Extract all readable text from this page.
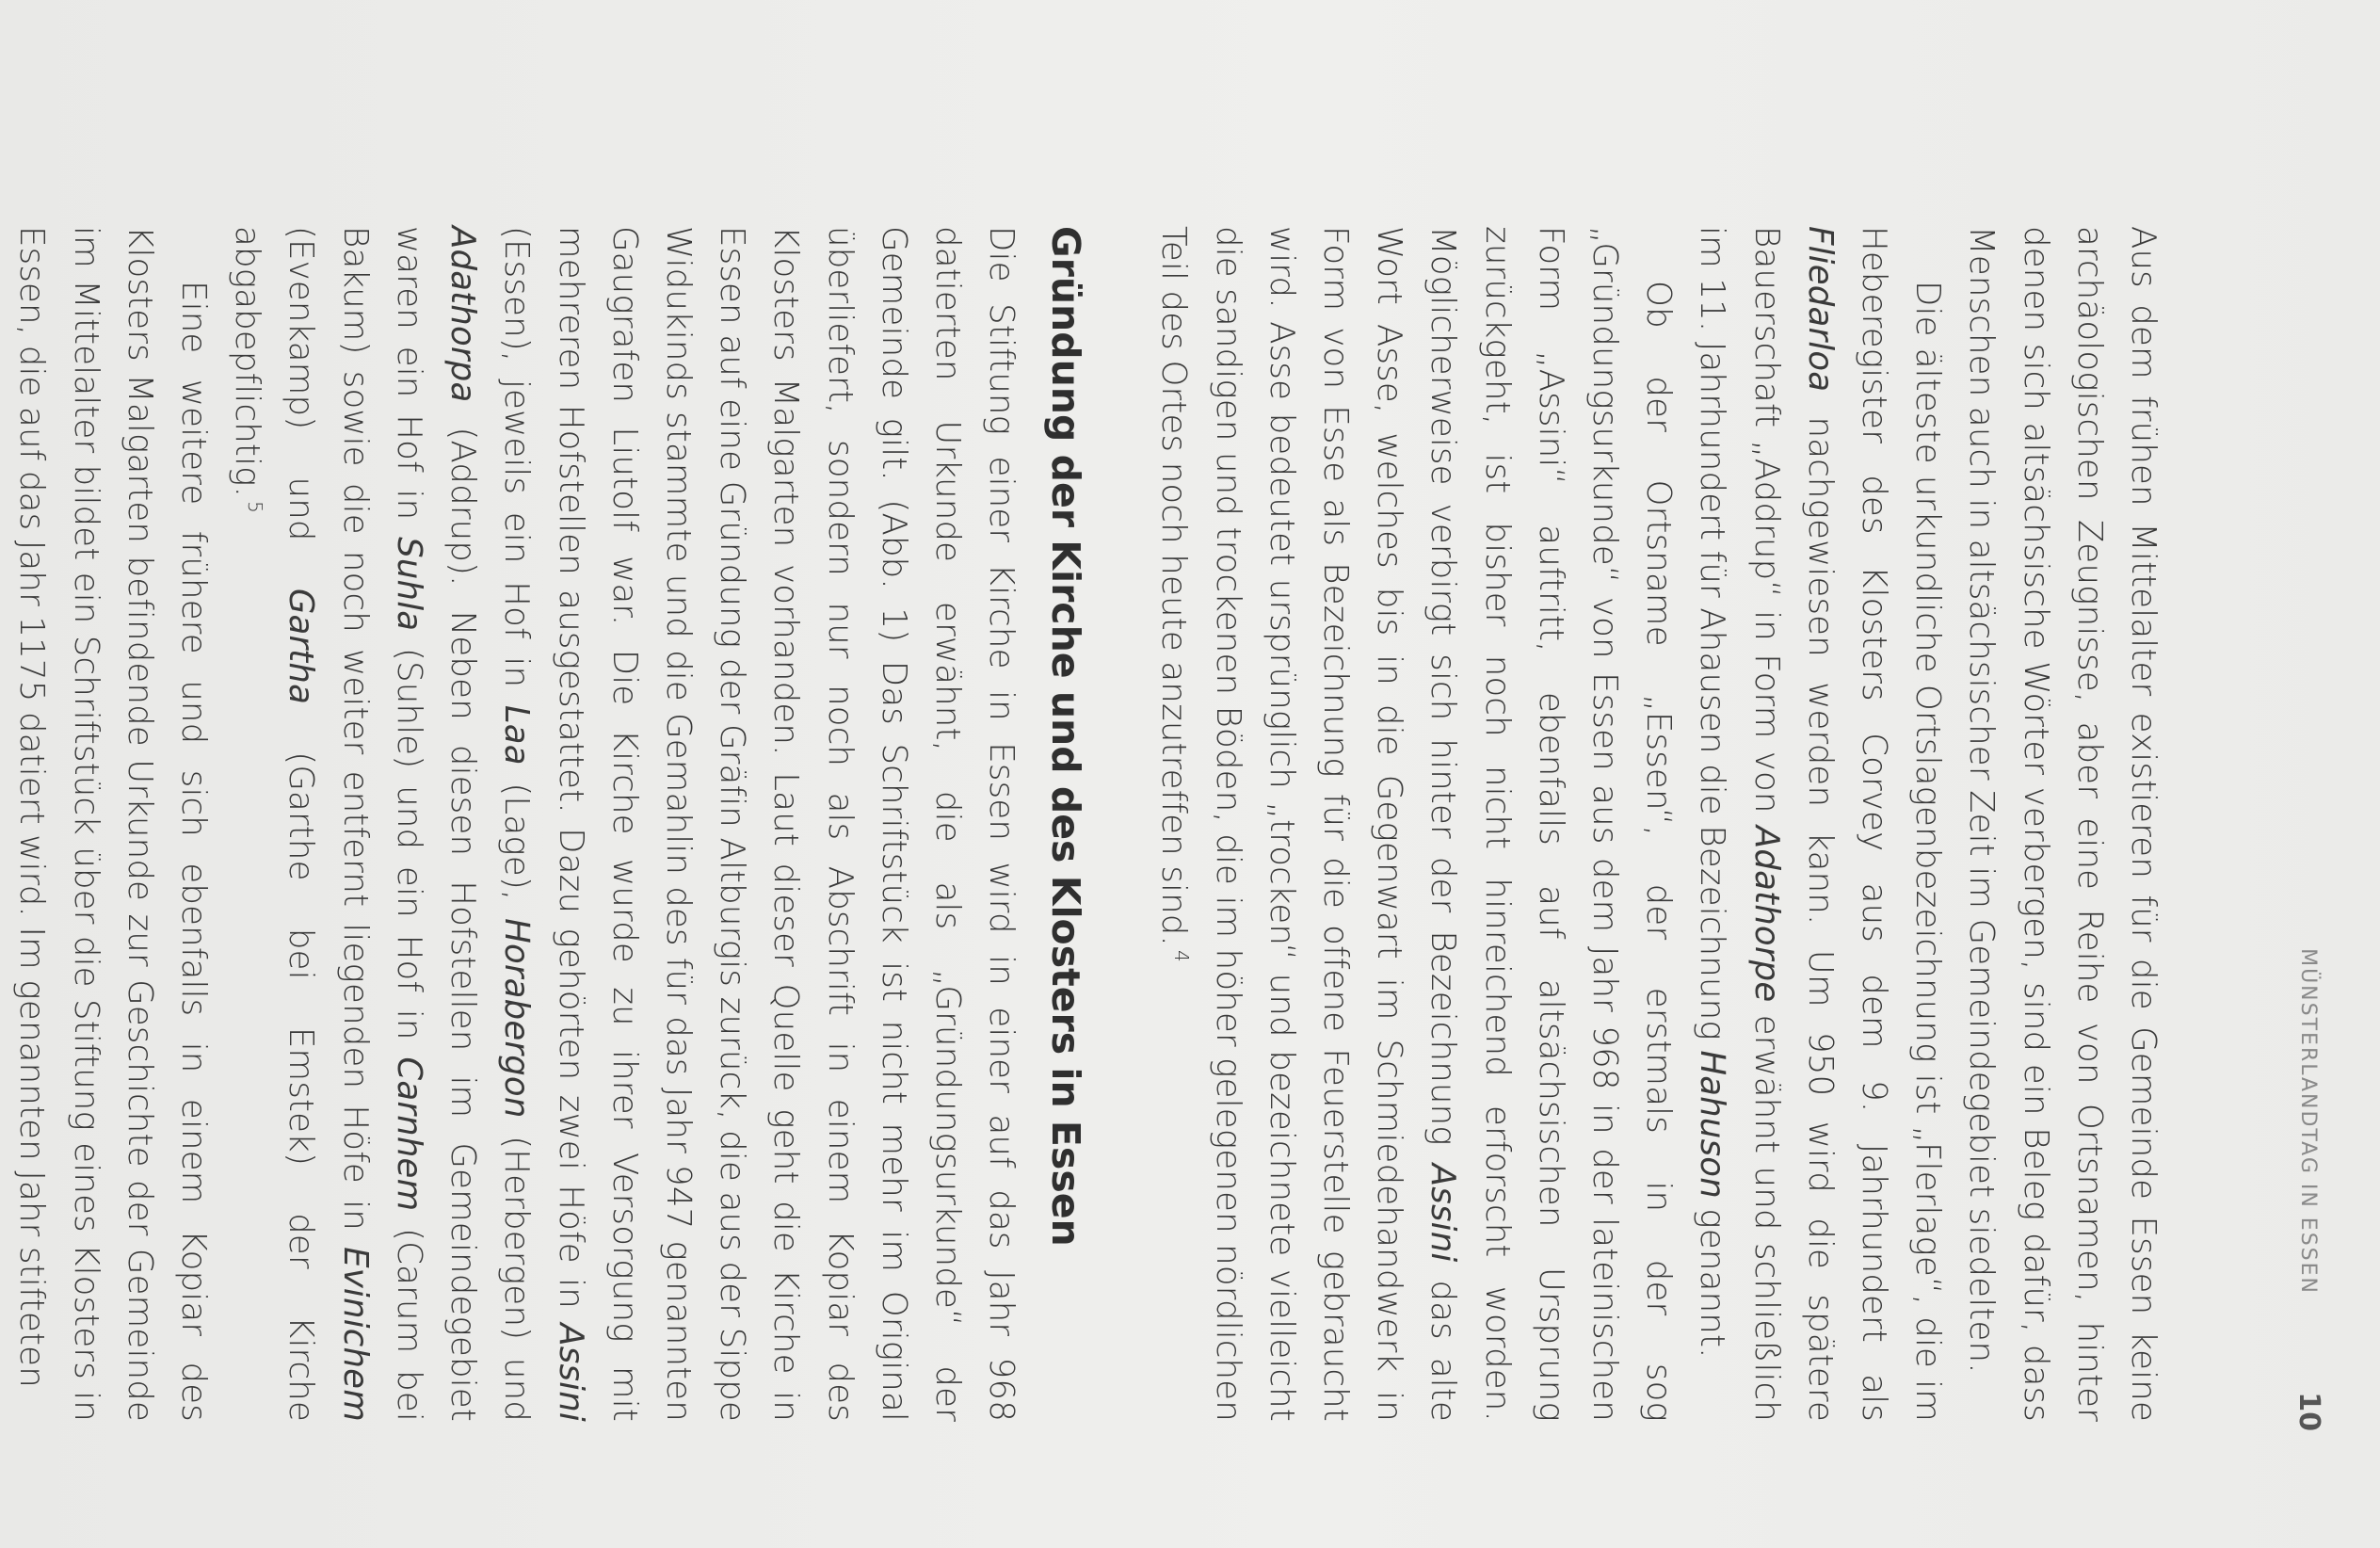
MÜNSTERLANDTAG IN ESSEN
10

Aus dem frühen Mittelalter existieren für die Gemeinde Essen keine archäologischen Zeugnisse, aber eine Reihe von Ortsnamen, hinter denen sich altsächsische Wörter verbergen, sind ein Beleg dafür, dass Menschen auch in altsächsischer Zeit im Gemeindegebiet siedelten.

Die älteste urkundliche Ortslagenbezeichnung ist „Flerlage“, die im Heberegister des Klosters Corvey aus dem 9. Jahrhundert als Fliedarloa nachgewiesen werden kann. Um 950 wird die spätere Bauerschaft „Addrup“ in Form von Adathorpe erwähnt und schließlich im 11. Jahrhundert für Ahausen die Bezeichnung Hahuson genannt.

Ob der Ortsname „Essen“, der erstmals in der sog „Gründungsurkunde“ von Essen aus dem Jahr 968 in der lateinischen Form „Assini“ auftritt, ebenfalls auf altsächsischen Ursprung zurückgeht, ist bisher noch nicht hinreichend erforscht worden. Möglicherweise verbirgt sich hinter der Bezeichnung Assini das alte Wort Asse, welches bis in die Gegenwart im Schmiedehandwerk in Form von Esse als Bezeichnung für die offene Feuerstelle gebraucht wird. Asse bedeutet ursprünglich „trocken“ und bezeichnete vielleicht die sandigen und trockenen Böden, die im höher gelegenen nördlichen Teil des Ortes noch heute anzutreffen sind.$^4$

Gründung der Kirche und des Klosters in Essen

Die Stiftung einer Kirche in Essen wird in einer auf das Jahr 968 datierten Urkunde erwähnt, die als „Gründungsurkunde“ der Gemeinde gilt. (Abb. 1) Das Schriftstück ist nicht mehr im Original überliefert, sondern nur noch als Abschrift in einem Kopiar des Klosters Malgarten vorhanden. Laut dieser Quelle geht die Kirche in Essen auf eine Gründung der Gräfin Altburgis zurück, die aus der Sippe Widukinds stammte und die Gemahlin des für das Jahr 947 genannten Gaugrafen Liutolf war. Die Kirche wurde zu ihrer Versorgung mit mehreren Hofstellen ausgestattet. Dazu gehörten zwei Höfe in Assini (Essen), jeweils ein Hof in Laa (Lage), Horabergon (Herbergen) und Adathorpa (Addrup). Neben diesen Hofstellen im Gemeindegebiet waren ein Hof in Suhla (Suhle) und ein Hof in Carnhem (Carum bei Bakum) sowie die noch weiter entfernt liegenden Höfe in Evinichem (Evenkamp) und Gartha (Garthe bei Emstek) der Kirche abgabepflichtig.$^5$

Eine weitere frühere und sich ebenfalls in einem Kopiar des Klosters Malgarten befindende Urkunde zur Geschichte der Gemeinde im Mittelalter bildet ein Schriftstück über die Stiftung eines Klosters in Essen, die auf das Jahr 1175 datiert wird. Im genannten Jahr stifteten
